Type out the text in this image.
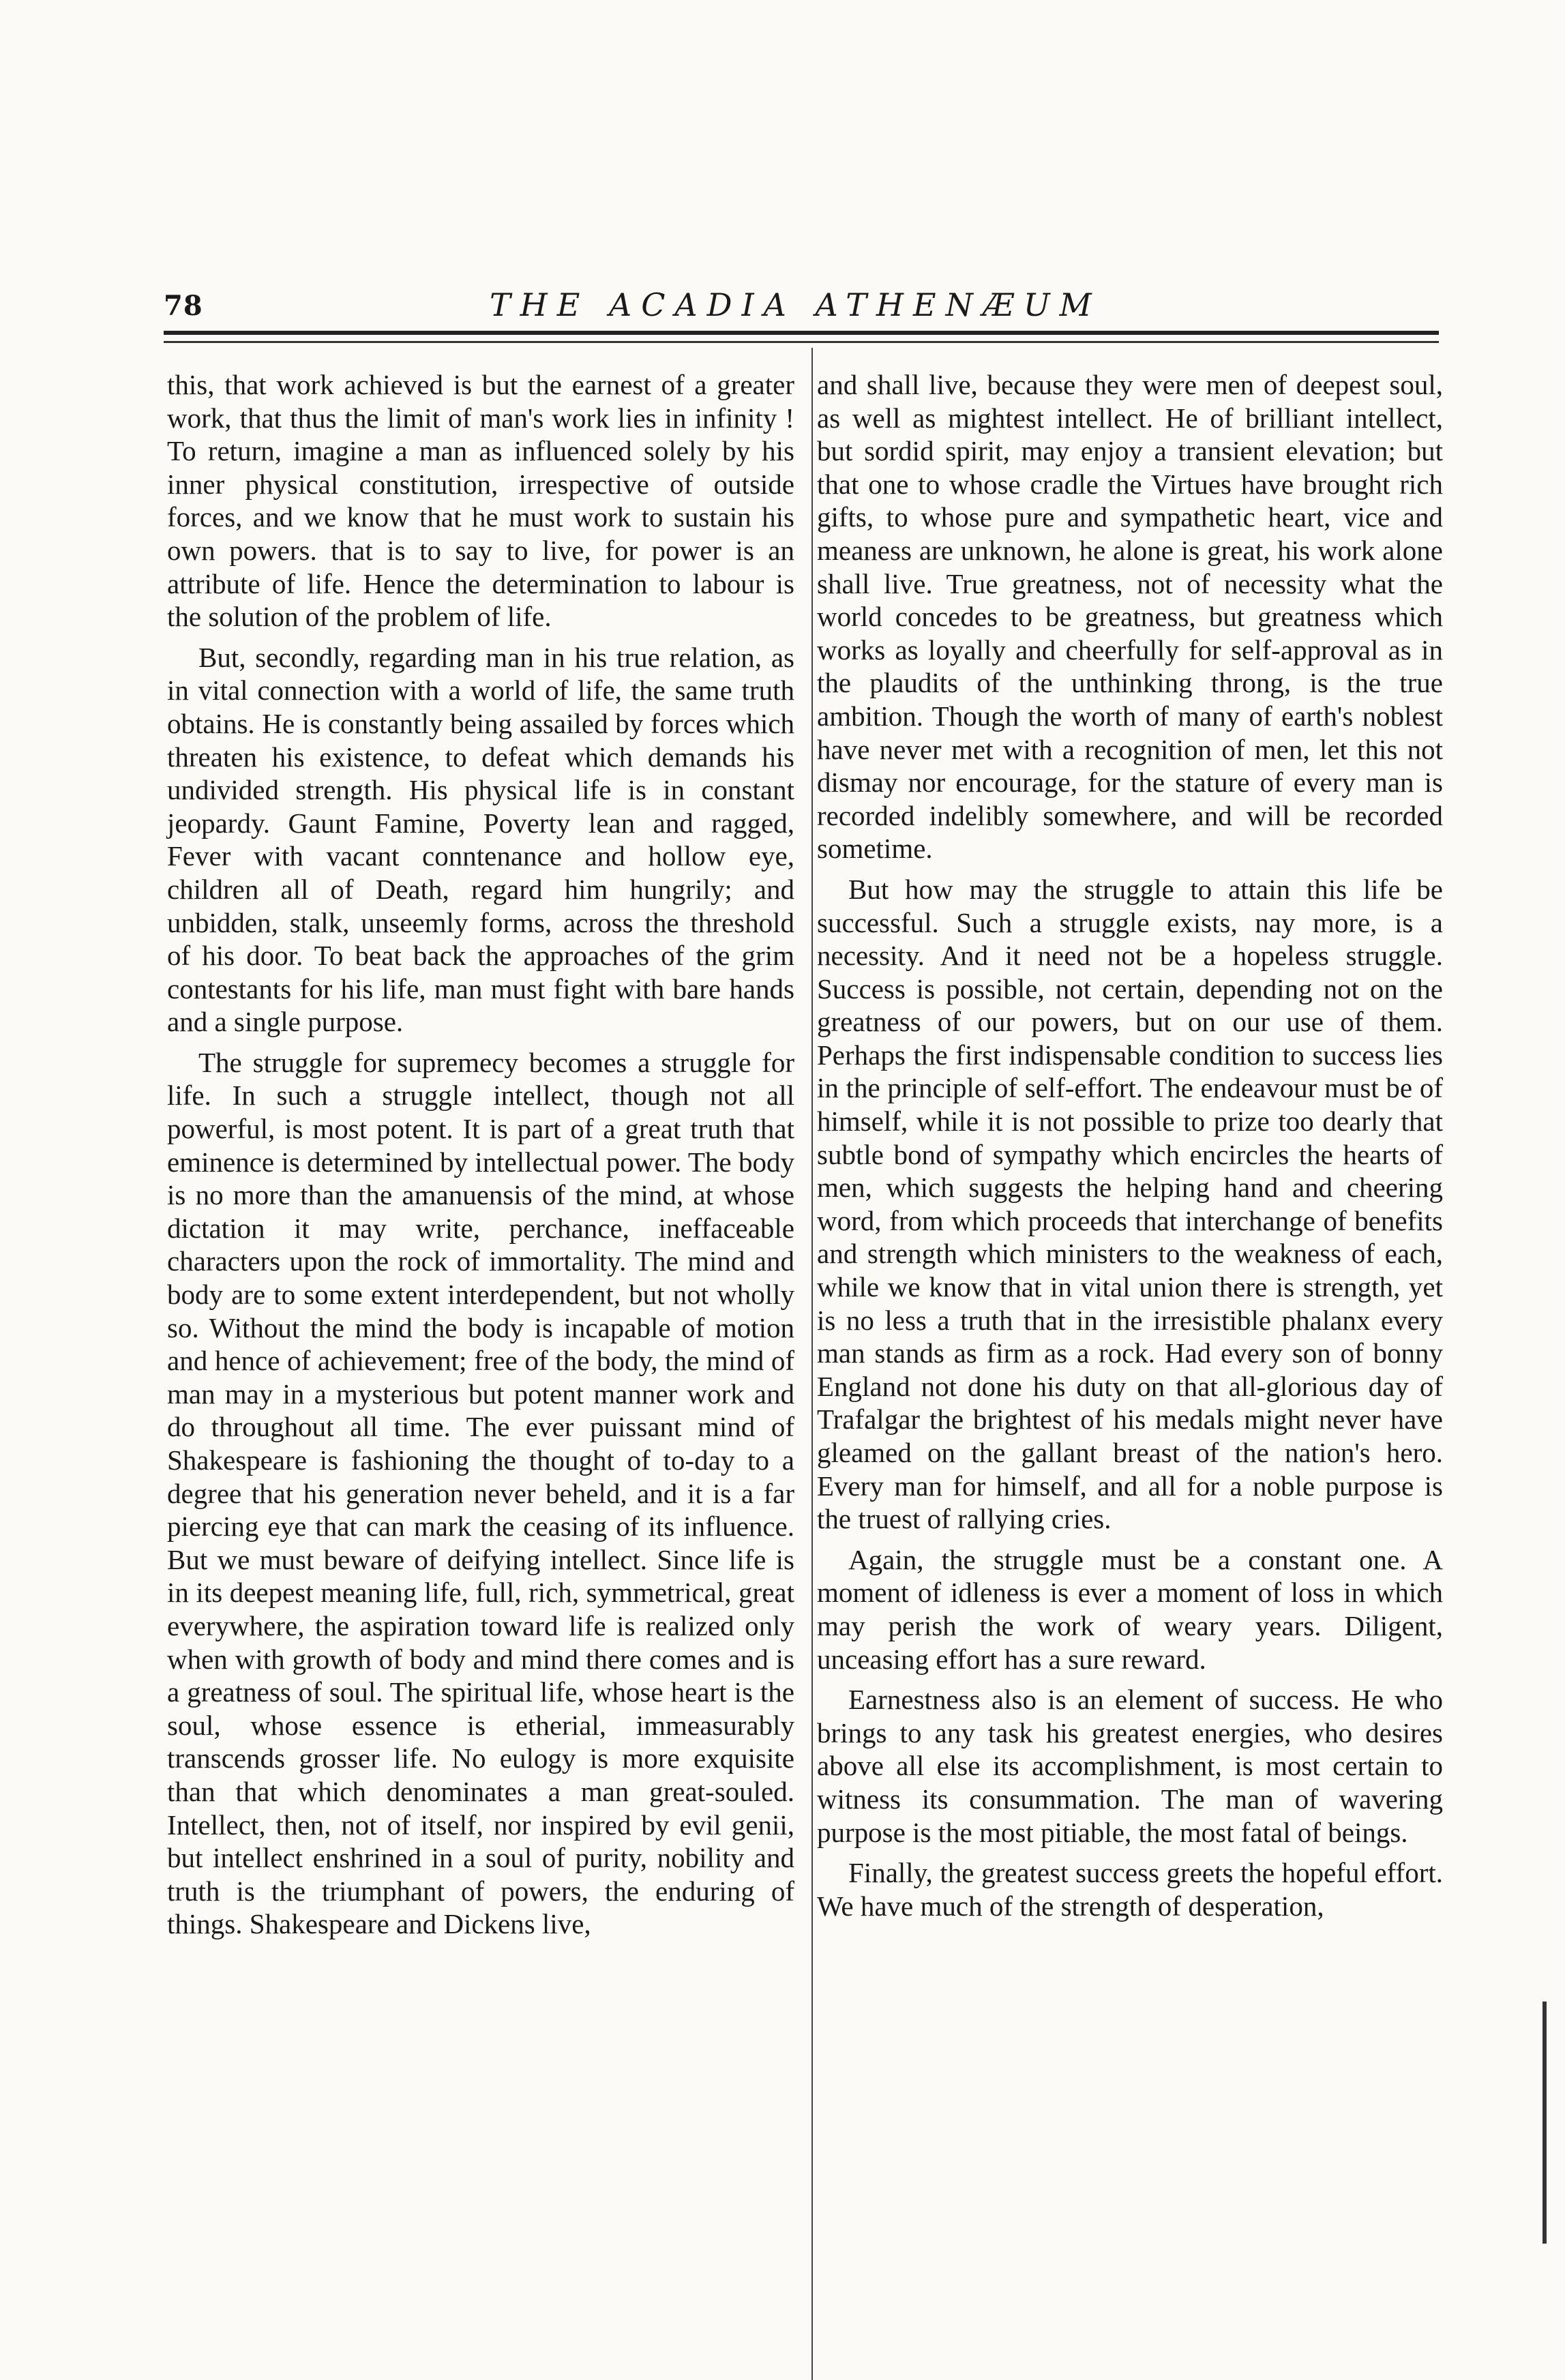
78	THE ACADIA ATHENÆUM

this, that work achieved is but the earnest of a greater work, that thus the limit of man's work lies in infinity ! To return, imagine a man as influenced solely by his inner physical constitution, irrespective of outside forces, and we know that he must work to sustain his own powers. that is to say to live, for power is an attribute of life. Hence the determination to labour is the solution of the problem of life.

But, secondly, regarding man in his true relation, as in vital connection with a world of life, the same truth obtains. He is constantly being assailed by forces which threaten his existence, to defeat which demands his undivided strength. His physical life is in constant jeopardy. Gaunt Famine, Poverty lean and ragged, Fever with vacant conntenance and hollow eye, children all of Death, regard him hungrily; and unbidden, stalk, unseemly forms, across the threshold of his door. To beat back the approaches of the grim contestants for his life, man must fight with bare hands and a single purpose.

The struggle for supremecy becomes a struggle for life. In such a struggle intellect, though not all powerful, is most potent. It is part of a great truth that eminence is determined by intellectual power. The body is no more than the amanuensis of the mind, at whose dictation it may write, perchance, ineffaceable characters upon the rock of immortality. The mind and body are to some extent interdependent, but not wholly so. Without the mind the body is incapable of motion and hence of achievement; free of the body, the mind of man may in a mysterious but potent manner work and do throughout all time. The ever puissant mind of Shakespeare is fashioning the thought of to-day to a degree that his generation never beheld, and it is a far piercing eye that can mark the ceasing of its influence. But we must beware of deifying intellect. Since life is in its deepest meaning life, full, rich, symmetrical, great everywhere, the aspiration toward life is realized only when with growth of body and mind there comes and is a greatness of soul. The spiritual life, whose heart is the soul, whose essence is etherial, immeasurably transcends grosser life. No eulogy is more exquisite than that which denominates a man great-souled. Intellect, then, not of itself, nor inspired by evil genii, but intellect enshrined in a soul of purity, nobility and truth is the triumphant of powers, the enduring of things. Shakespeare and Dickens live,

and shall live, because they were men of deepest soul, as well as mightest intellect. He of brilliant intellect, but sordid spirit, may enjoy a transient elevation; but that one to whose cradle the Virtues have brought rich gifts, to whose pure and sympathetic heart, vice and meaness are unknown, he alone is great, his work alone shall live. True greatness, not of necessity what the world concedes to be greatness, but greatness which works as loyally and cheerfully for self-approval as in the plaudits of the unthinking throng, is the true ambition. Though the worth of many of earth's noblest have never met with a recognition of men, let this not dismay nor encourage, for the stature of every man is recorded indelibly somewhere, and will be recorded sometime.

But how may the struggle to attain this life be successful. Such a struggle exists, nay more, is a necessity. And it need not be a hopeless struggle. Success is possible, not certain, depending not on the greatness of our powers, but on our use of them. Perhaps the first indispensable condition to success lies in the principle of self-effort. The endeavour must be of himself, while it is not possible to prize too dearly that subtle bond of sympathy which encircles the hearts of men, which suggests the helping hand and cheering word, from which proceeds that interchange of benefits and strength which ministers to the weakness of each, while we know that in vital union there is strength, yet is no less a truth that in the irresistible phalanx every man stands as firm as a rock. Had every son of bonny England not done his duty on that all-glorious day of Trafalgar the brightest of his medals might never have gleamed on the gallant breast of the nation's hero. Every man for himself, and all for a noble purpose is the truest of rallying cries.

Again, the struggle must be a constant one. A moment of idleness is ever a moment of loss in which may perish the work of weary years. Diligent, unceasing effort has a sure reward.

Earnestness also is an element of success. He who brings to any task his greatest energies, who desires above all else its accomplishment, is most certain to witness its consummation. The man of wavering purpose is the most pitiable, the most fatal of beings.

Finally, the greatest success greets the hopeful effort. We have much of the strength of desperation,
